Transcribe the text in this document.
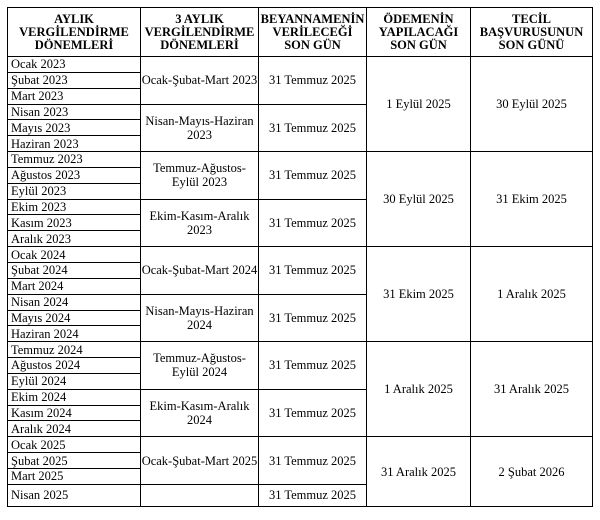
AYLIK VERGİLENDİRME DÖNEMLERİ	3 AYLIK VERGİLENDİRME DÖNEMLERİ	BEYANNAMENİN VERİLECEĞİ SON GÜN	ÖDEMENİN YAPILACAĞI SON GÜN	TECİL BAŞVURUSUNUN SON GÜNÜ
Ocak 2023	Ocak-Şubat-Mart 2023	31 Temmuz 2025	1 Eylül 2025	30 Eylül 2025
Şubat 2023				
Mart 2023				
Nisan 2023	Nisan-Mayıs-Haziran 2023	31 Temmuz 2025		
Mayıs 2023				
Haziran 2023				
Temmuz 2023	Temmuz-Ağustos-Eylül 2023	31 Temmuz 2025	30 Eylül 2025	31 Ekim 2025
Ağustos 2023				
Eylül 2023				
Ekim 2023	Ekim-Kasım-Aralık 2023	31 Temmuz 2025		
Kasım 2023				
Aralık 2023				
Ocak 2024	Ocak-Şubat-Mart 2024	31 Temmuz 2025	31 Ekim 2025	1 Aralık 2025
Şubat 2024				
Mart 2024				
Nisan 2024	Nisan-Mayıs-Haziran 2024	31 Temmuz 2025		
Mayıs 2024				
Haziran 2024				
Temmuz 2024	Temmuz-Ağustos-Eylül 2024	31 Temmuz 2025	1 Aralık 2025	31 Aralık 2025
Ağustos 2024				
Eylül 2024				
Ekim 2024	Ekim-Kasım-Aralık 2024	31 Temmuz 2025		
Kasım 2024				
Aralık 2024				
Ocak 2025	Ocak-Şubat-Mart 2025	31 Temmuz 2025	31 Aralık 2025	2 Şubat 2026
Şubat 2025				
Mart 2025				
Nisan 2025		31 Temmuz 2025		
